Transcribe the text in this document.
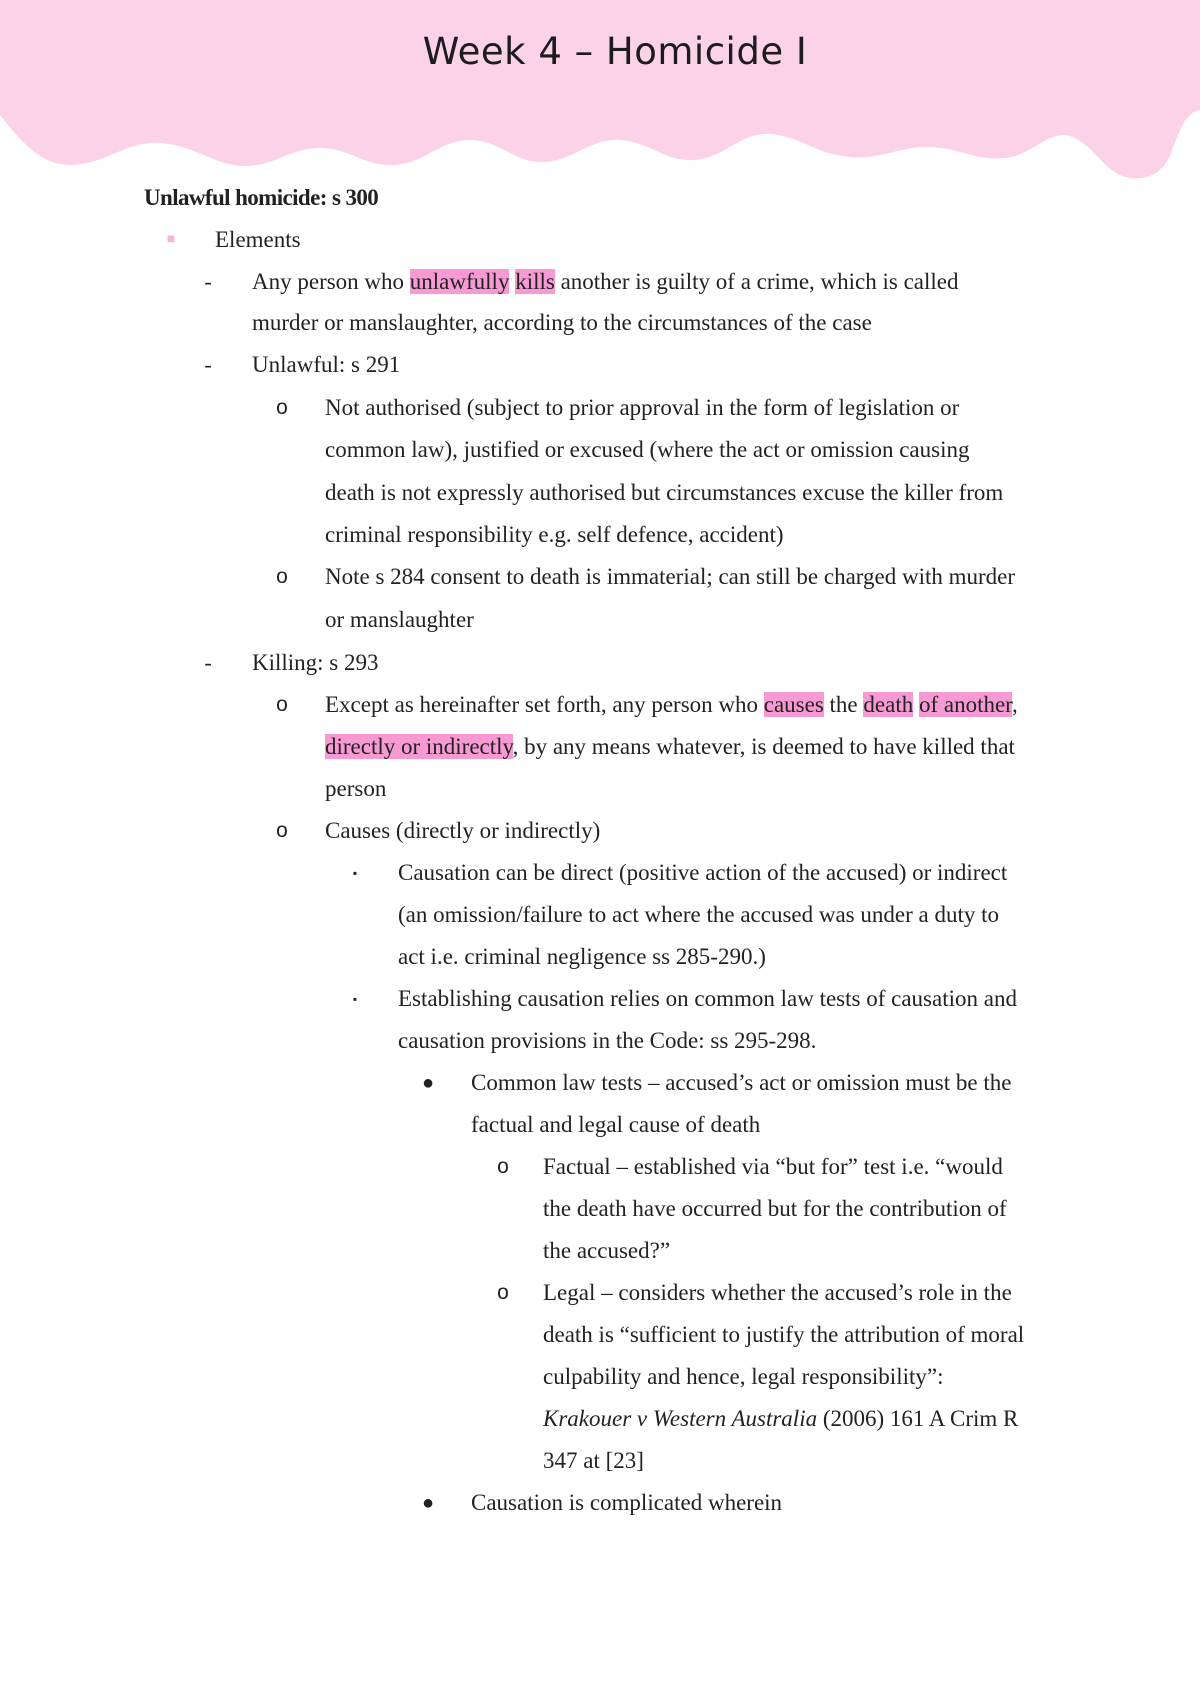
Week 4 – Homicide I
Unlawful homicide: s 300
■	Elements
-	Any person who unlawfully kills another is guilty of a crime, which is called
murder or manslaughter, according to the circumstances of the case
-	Unlawful: s 291
o Not authorised (subject to prior approval in the form of legislation or
common law), justified or excused (where the act or omission causing
death is not expressly authorised but circumstances excuse the killer from
criminal responsibility e.g. self defence, accident)
o Note s 284 consent to death is immaterial; can still be charged with murder
or manslaughter
-	Killing: s 293
o Except as hereinafter set forth, any person who causes the death of another,
directly or indirectly, by any means whatever, is deemed to have killed that
person
o Causes (directly or indirectly)
▪	Causation can be direct (positive action of the accused) or indirect
(an omission/failure to act where the accused was under a duty to
act i.e. criminal negligence ss 285-290.)
▪	Establishing causation relies on common law tests of causation and
causation provisions in the Code: ss 295-298.
● Common law tests – accused’s act or omission must be the
factual and legal cause of death
o Factual – established via “but for” test i.e. “would
the death have occurred but for the contribution of
the accused?”
o Legal – considers whether the accused’s role in the
death is “sufficient to justify the attribution of moral
culpability and hence, legal responsibility”:
Krakouer v Western Australia (2006) 161 A Crim R
347 at [23]
● Causation is complicated wherein
